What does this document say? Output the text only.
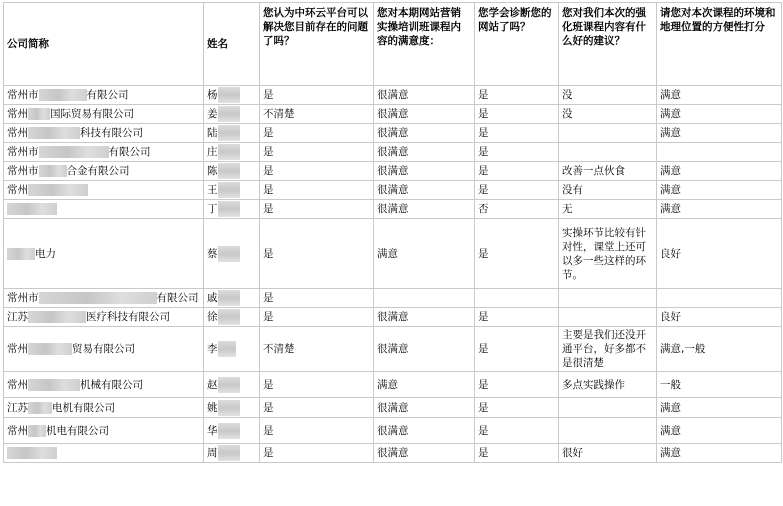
公司简称	姓名	您认为中环云平台可以解决您目前存在的问题了吗？	您对本期网站营销实操培训班课程内容的满意度：	您学会诊断您的网站了吗？	您对我们本次的强化班课程内容有什么好的建议？	请您对本次课程的环境和地理位置的方便性打分
常州市 有限公司	杨	是	很满意	是	没	满意
常州 国际贸易有限公司	姜	不清楚	很满意	是	没	满意
常州 科技有限公司	陆	是	很满意	是		满意
常州市 有限公司	庄	是	很满意	是		
常州市 合金有限公司	陈	是	很满意	是	改善一点伙食	满意
常州	王	是	很满意	是	没有	满意
	丁	是	很满意	否	无	满意
电力	蔡	是	满意	是	实操环节比较有针对性，课堂上还可以多一些这样的环节。	良好
常州市 有限公司	戚	是				
江苏 医疗科技有限公司	徐	是	很满意	是		良好
常州 贸易有限公司	李	不清楚	很满意	是	主要是我们还没开通平台，好多都不是很清楚	满意,一般
常州 机械有限公司	赵	是	满意	是	多点实践操作	一般
江苏 电机有限公司	姚	是	很满意	是		满意
常州 机电有限公司	华	是	很满意	是		满意
	周	是	很满意	是	很好	满意
